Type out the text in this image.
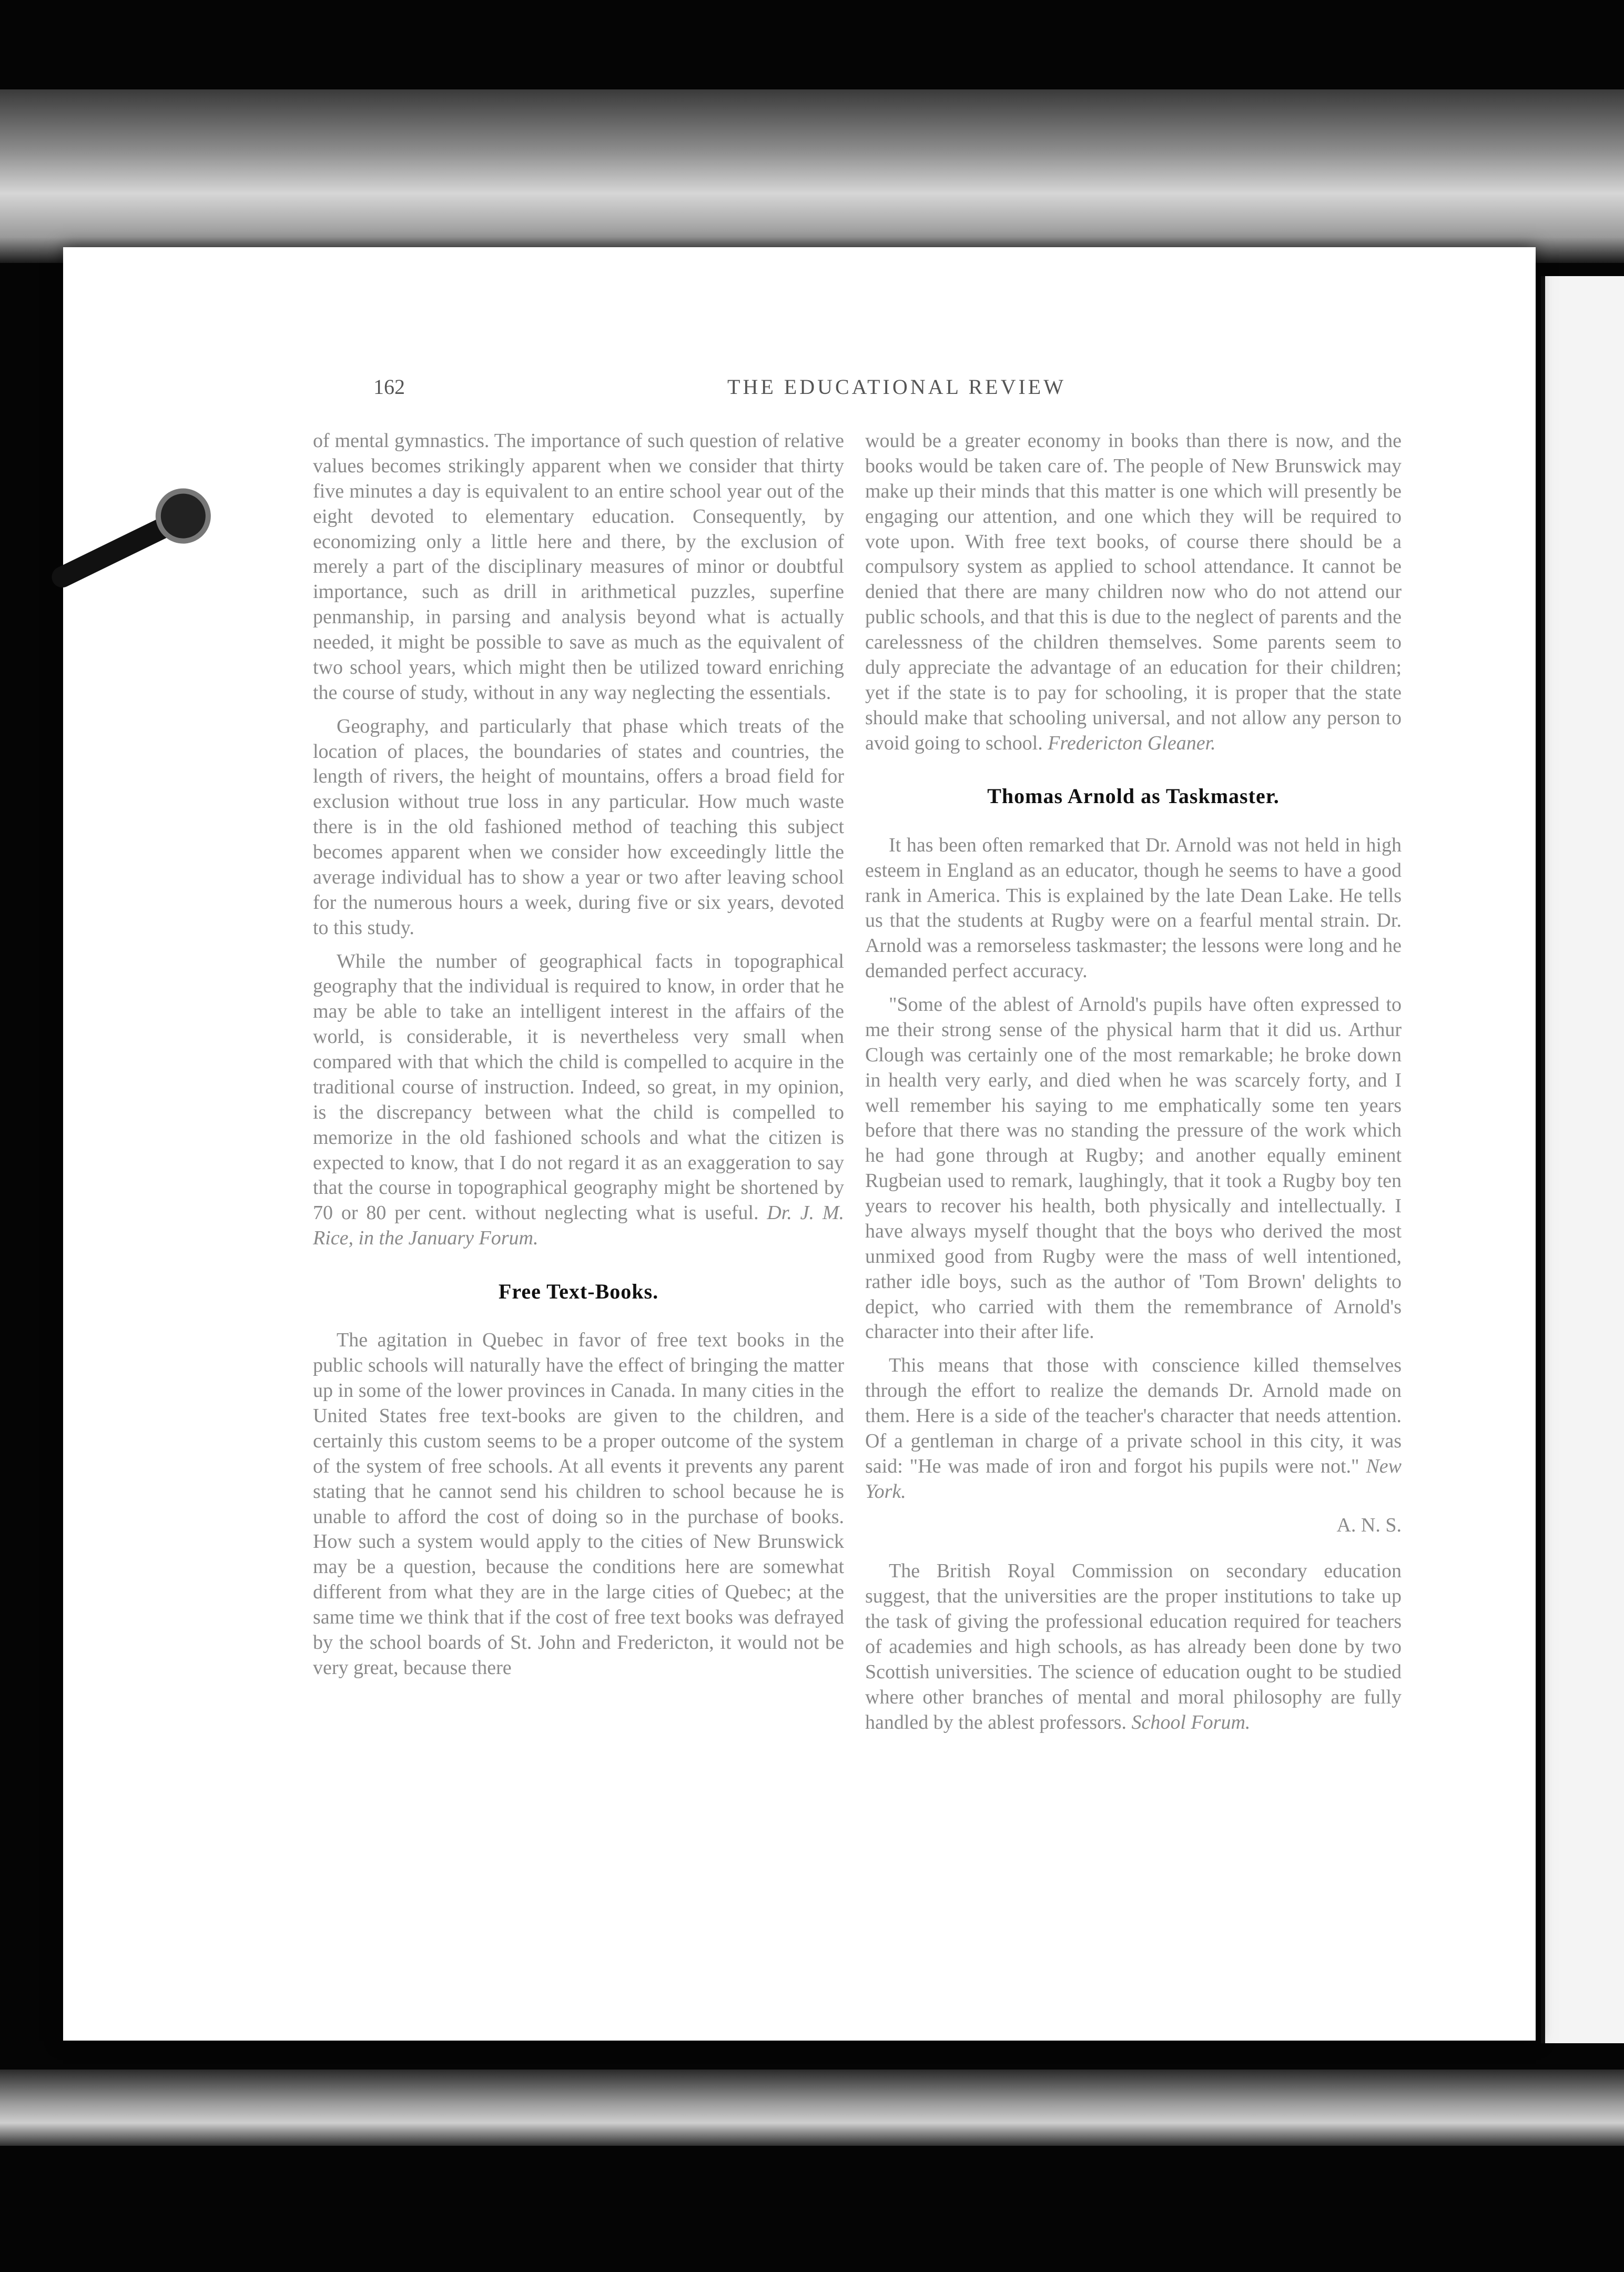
162	THE EDUCATIONAL REVIEW

of mental gymnastics. The importance of such question of relative values becomes strikingly apparent when we consider that thirty five minutes a day is equivalent to an entire school year out of the eight devoted to elementary education. Consequently, by economizing only a little here and there, by the exclusion of merely a part of the disciplinary measures of minor or doubtful importance, such as drill in arithmetical puzzles, superfine penmanship, in parsing and analysis beyond what is actually needed, it might be possible to save as much as the equivalent of two school years, which might then be utilized toward enriching the course of study, without in any way neglecting the essentials.

Geography, and particularly that phase which treats of the location of places, the boundaries of states and countries, the length of rivers, the height of mountains, offers a broad field for exclusion without true loss in any particular. How much waste there is in the old fashioned method of teaching this subject becomes apparent when we consider how exceedingly little the average individual has to show a year or two after leaving school for the numerous hours a week, during five or six years, devoted to this study.

While the number of geographical facts in topographical geography that the individual is required to know, in order that he may be able to take an intelligent interest in the affairs of the world, is considerable, it is nevertheless very small when compared with that which the child is compelled to acquire in the traditional course of instruction. Indeed, so great, in my opinion, is the discrepancy between what the child is compelled to memorize in the old fashioned schools and what the citizen is expected to know, that I do not regard it as an exaggeration to say that the course in topographical geography might be shortened by 70 or 80 per cent. without neglecting what is useful. Dr. J. M. Rice, in the January Forum.

Free Text-Books.

The agitation in Quebec in favor of free text books in the public schools will naturally have the effect of bringing the matter up in some of the lower provinces in Canada. In many cities in the United States free text-books are given to the children, and certainly this custom seems to be a proper outcome of the system of the system of free schools. At all events it prevents any parent stating that he cannot send his children to school because he is unable to afford the cost of doing so in the purchase of books. How such a system would apply to the cities of New Brunswick may be a question, because the conditions here are somewhat different from what they are in the large cities of Quebec; at the same time we think that if the cost of free text books was defrayed by the school boards of St. John and Fredericton, it would not be very great, because there

would be a greater economy in books than there is now, and the books would be taken care of. The people of New Brunswick may make up their minds that this matter is one which will presently be engaging our attention, and one which they will be required to vote upon. With free text books, of course there should be a compulsory system as applied to school attendance. It cannot be denied that there are many children now who do not attend our public schools, and that this is due to the neglect of parents and the carelessness of the children themselves. Some parents seem to duly appreciate the advantage of an education for their children; yet if the state is to pay for schooling, it is proper that the state should make that schooling universal, and not allow any person to avoid going to school. Fredericton Gleaner.

Thomas Arnold as Taskmaster.

It has been often remarked that Dr. Arnold was not held in high esteem in England as an educator, though he seems to have a good rank in America. This is explained by the late Dean Lake. He tells us that the students at Rugby were on a fearful mental strain. Dr. Arnold was a remorseless taskmaster; the lessons were long and he demanded perfect accuracy.

"Some of the ablest of Arnold's pupils have often expressed to me their strong sense of the physical harm that it did us. Arthur Clough was certainly one of the most remarkable; he broke down in health very early, and died when he was scarcely forty, and I well remember his saying to me emphatically some ten years before that there was no standing the pressure of the work which he had gone through at Rugby; and another equally eminent Rugbeian used to remark, laughingly, that it took a Rugby boy ten years to recover his health, both physically and intellectually. I have always myself thought that the boys who derived the most unmixed good from Rugby were the mass of well intentioned, rather idle boys, such as the author of 'Tom Brown' delights to depict, who carried with them the remembrance of Arnold's character into their after life.

This means that those with conscience killed themselves through the effort to realize the demands Dr. Arnold made on them. Here is a side of the teacher's character that needs attention. Of a gentleman in charge of a private school in this city, it was said: "He was made of iron and forgot his pupils were not." New York.

A. N. S.

The British Royal Commission on secondary education suggest, that the universities are the proper institutions to take up the task of giving the professional education required for teachers of academies and high schools, as has already been done by two Scottish universities. The science of education ought to be studied where other branches of mental and moral philosophy are fully handled by the ablest professors. School Forum.
